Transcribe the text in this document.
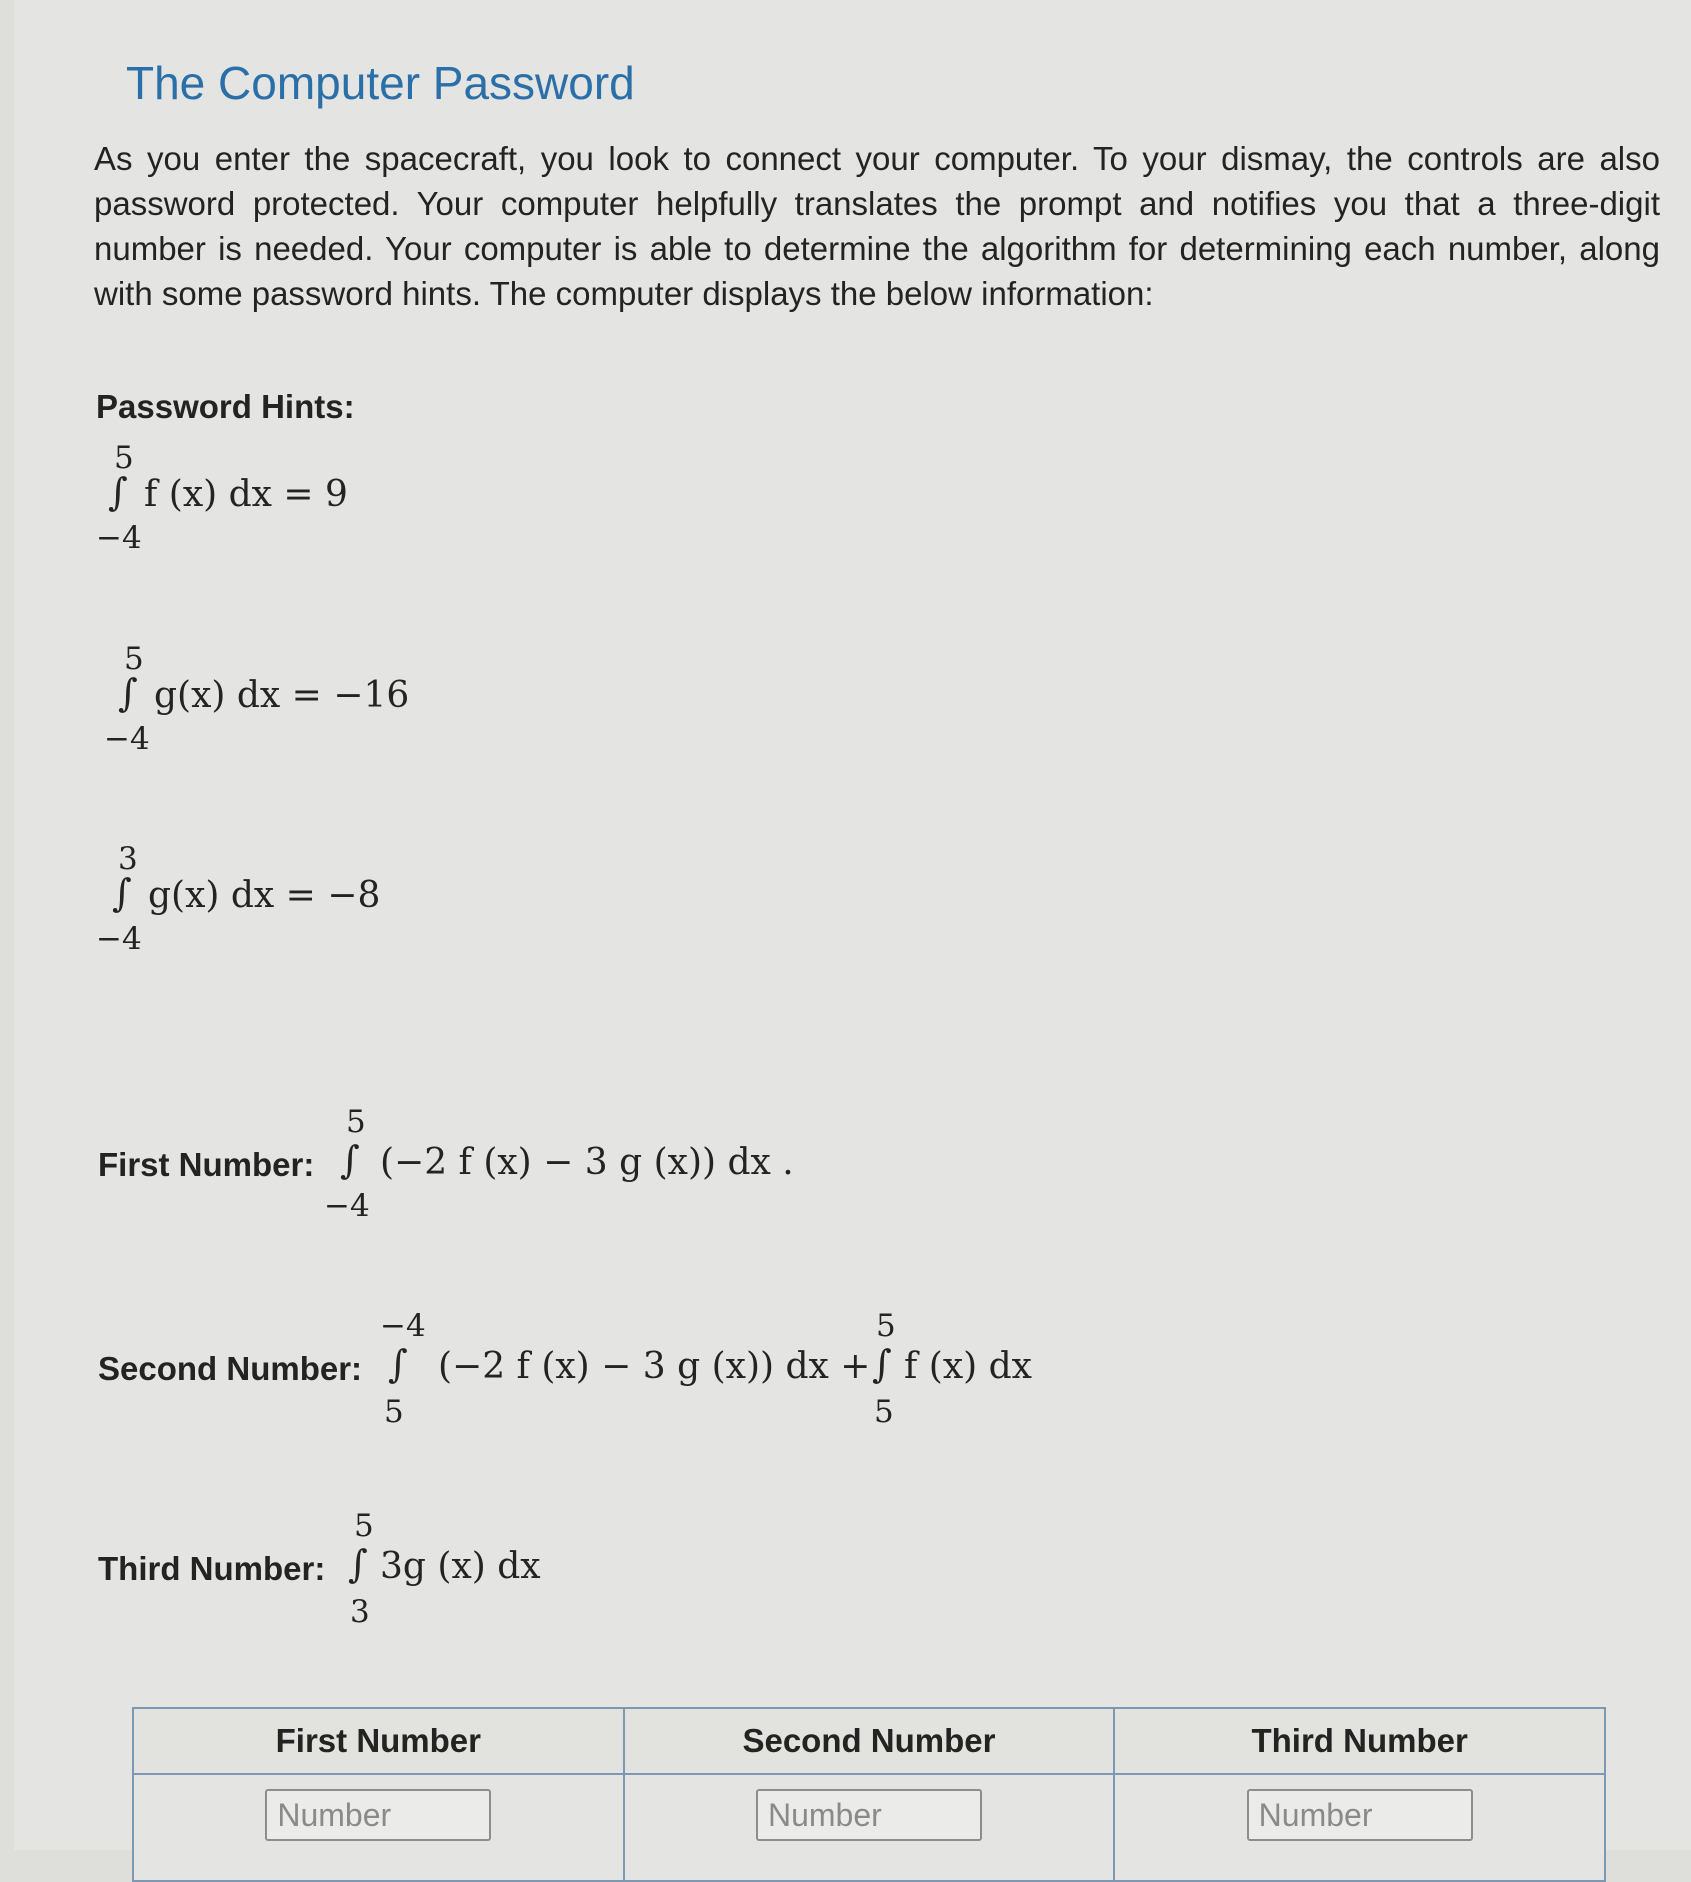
The Computer Password

As you enter the spacecraft, you look to connect your computer. To your dismay, the controls are also password protected. Your computer helpfully translates the prompt and notifies you that a three-digit number is needed. Your computer is able to determine the algorithm for determining each number, along with some password hints. The computer displays the below information:

Password Hints:

5
∫ f (x) dx = 9
−4
5
∫ g(x) dx = −16
−4
3
∫ g(x) dx = −8
−4
First Number:
5
∫ (−2 f (x) − 3 g (x)) dx .
−4
Second Number:
−4
∫ (−2 f (x) − 3 g (x)) dx +
5
5
∫ f (x) dx
5
Third Number:
5
∫ 3g (x) dx
3
First Number	Second Number	Third Number
Number	Number	Number
